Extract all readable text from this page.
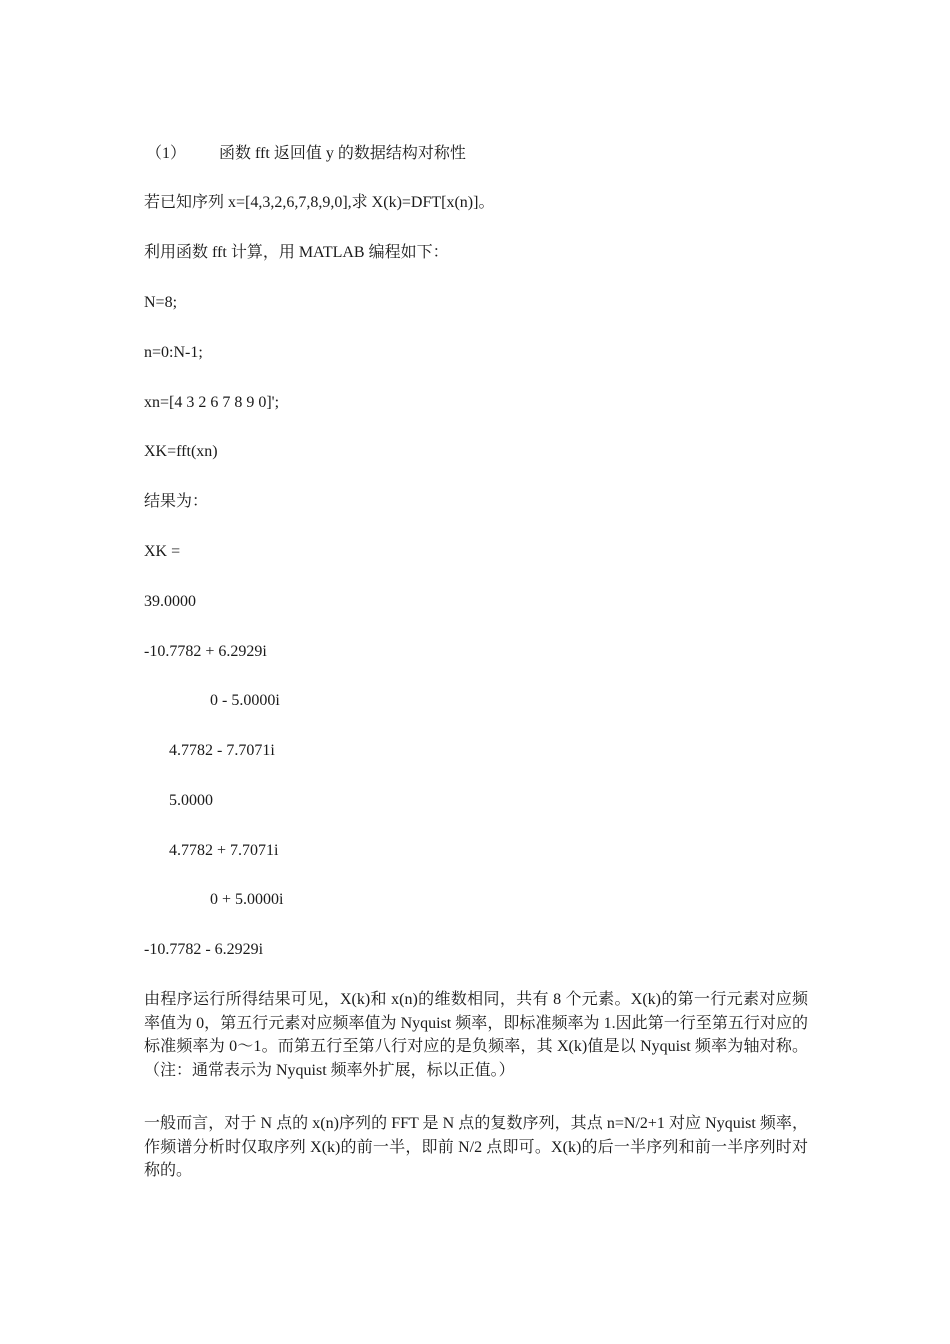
（1） 函数 fft 返回值 y 的数据结构对称性
若已知序列 x=[4,3,2,6,7,8,9,0],求 X(k)=DFT[x(n)]。
利用函数 fft 计算，用 MATLAB 编程如下：
N=8;
n=0:N-1;
xn=[4 3 2 6 7 8 9 0]';
XK=fft(xn)
结果为：
XK =
39.0000
-10.7782 + 6.2929i
0 - 5.0000i
4.7782 - 7.7071i
5.0000
4.7782 + 7.7071i
0 + 5.0000i
-10.7782 - 6.2929i
由程序运行所得结果可见，X(k)和 x(n)的维数相同，共有 8 个元素。X(k)的第一行元素对应频率值为 0，第五行元素对应频率值为 Nyquist 频率，即标准频率为 1.因此第一行至第五行对应的标准频率为 0～1。而第五行至第八行对应的是负频率，其 X(k)值是以 Nyquist 频率为轴对称。（注：通常表示为 Nyquist 频率外扩展，标以正值。）
一般而言，对于 N 点的 x(n)序列的 FFT 是 N 点的复数序列，其点 n=N/2+1 对应 Nyquist 频率，作频谱分析时仅取序列 X(k)的前一半，即前 N/2 点即可。X(k)的后一半序列和前一半序列时对称的。
